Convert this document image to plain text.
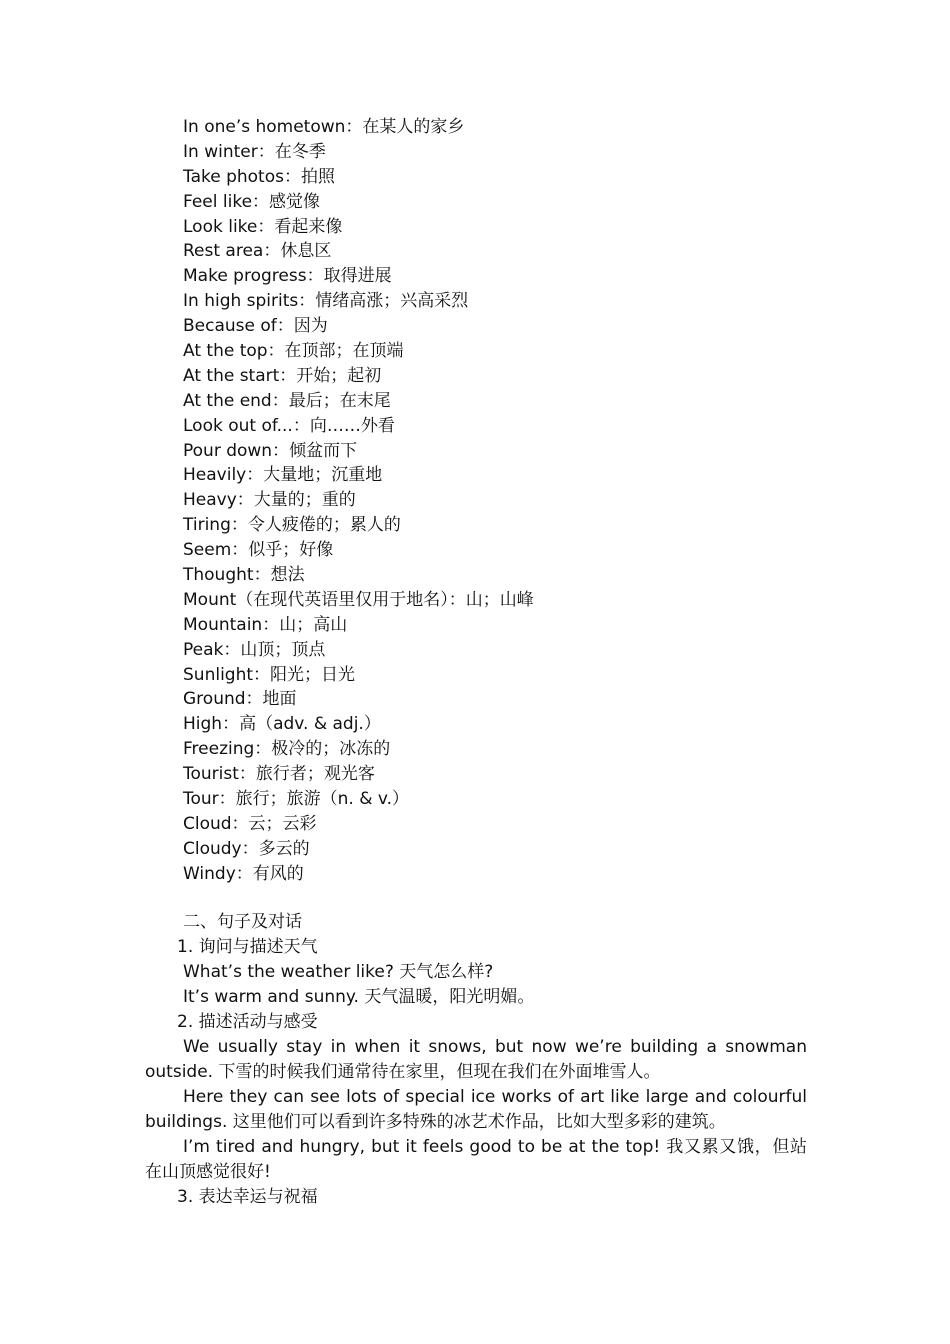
In one’s hometown：在某人的家乡
In winter：在冬季
Take photos：拍照
Feel like：感觉像
Look like：看起来像
Rest area：休息区
Make progress：取得进展
In high spirits：情绪高涨；兴高采烈
Because of：因为
At the top：在顶部；在顶端
At the start：开始；起初
At the end：最后；在末尾
Look out of...：向……外看
Pour down：倾盆而下
Heavily：大量地；沉重地
Heavy：大量的；重的
Tiring：令人疲倦的；累人的
Seem：似乎；好像
Thought：想法
Mount（在现代英语里仅用于地名）：山；山峰
Mountain：山；高山
Peak：山顶；顶点
Sunlight：阳光；日光
Ground：地面
High：高（adv. & adj.）
Freezing：极冷的；冰冻的
Tourist：旅行者；观光客
Tour：旅行；旅游（n. & v.）
Cloud：云；云彩
Cloudy：多云的
Windy：有风的
二、句子及对话
1. 询问与描述天气
What’s the weather like? 天气怎么样?
It’s warm and sunny. 天气温暖，阳光明媚。
2. 描述活动与感受

We usually stay in when it snows, but now we’re building a snowman outside. 下雪的时候我们通常待在家里，但现在我们在外面堆雪人。

Here they can see lots of special ice works of art like large and colourful buildings. 这里他们可以看到许多特殊的冰艺术作品，比如大型多彩的建筑。

I’m tired and hungry, but it feels good to be at the top! 我又累又饿，但站在山顶感觉很好!

3. 表达幸运与祝福
